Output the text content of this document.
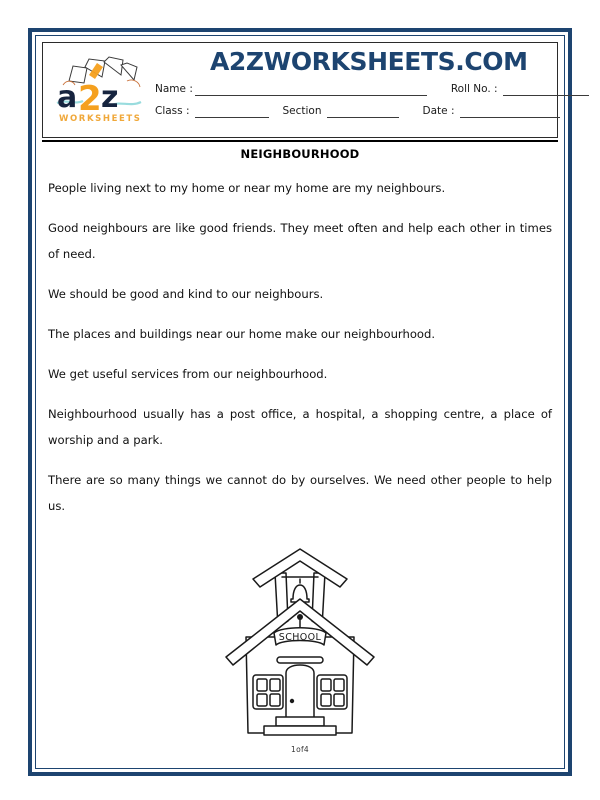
a 2 z
WORKSHEETS
A2ZWORKSHEETS.COM
Name :	Roll No. :
Class :	Section	Date :
NEIGHBOURHOOD

People living next to my home or near my home are my neighbours.

Good neighbours are like good friends. They meet often and help each other in times of need.

We should be good and kind to our neighbours.

The places and buildings near our home make our neighbourhood.

We get useful services from our neighbourhood.

Neighbourhood usually has a post office, a hospital, a shopping centre, a place of worship and a park.

There are so many things we cannot do by ourselves. We need other people to help us.

SCHOOL
1of4
